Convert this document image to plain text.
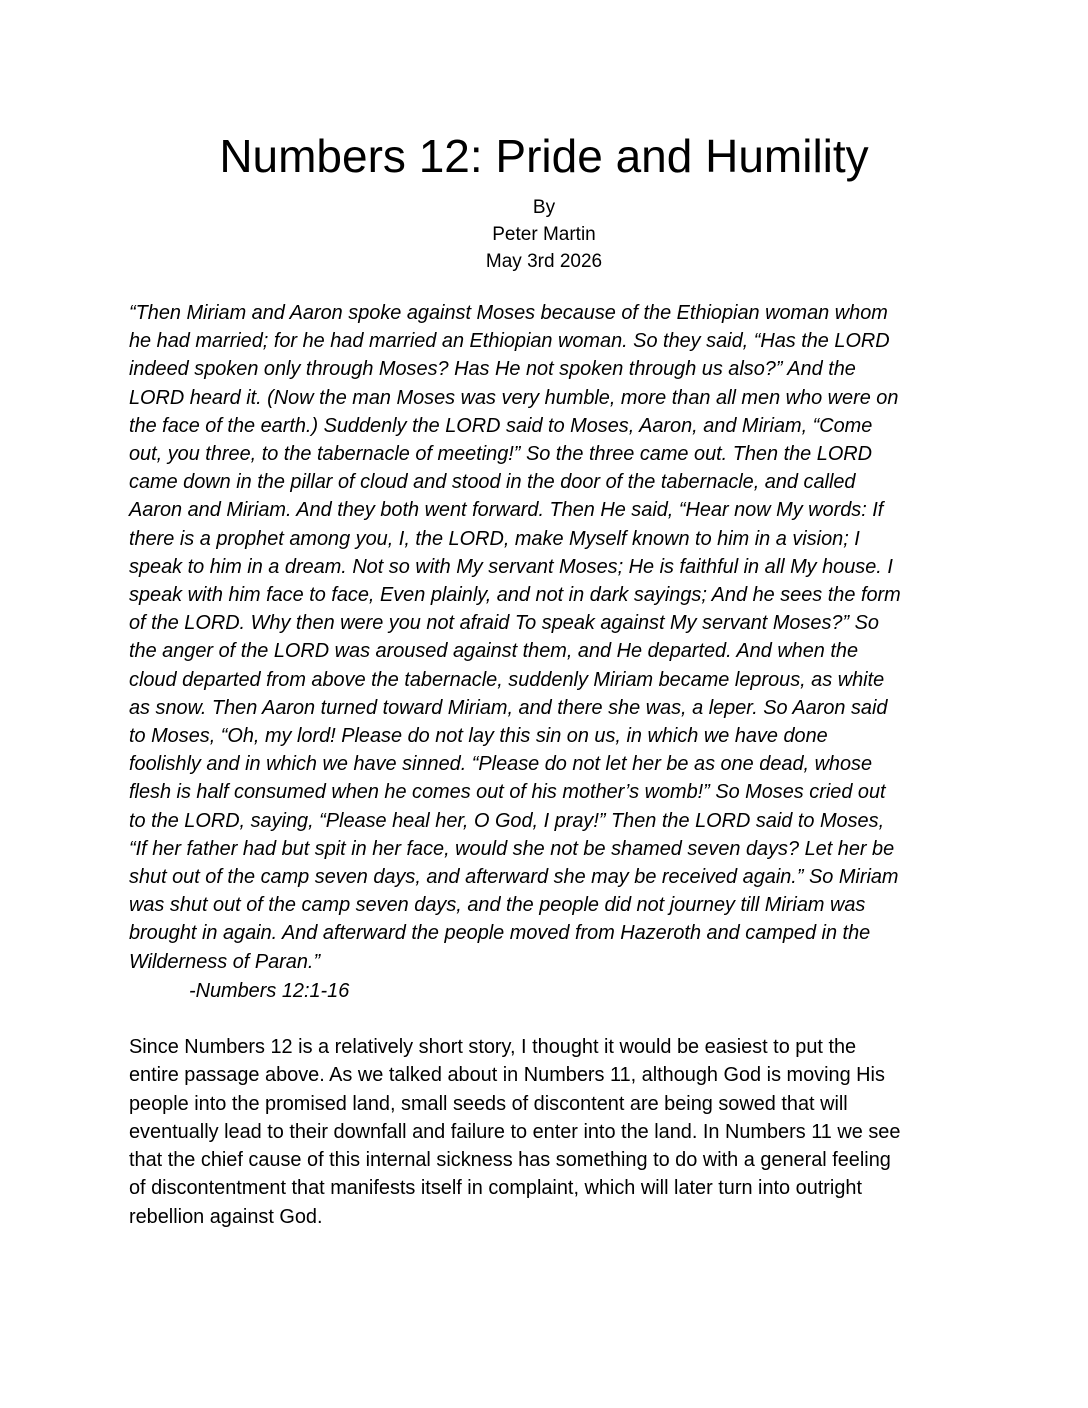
Numbers 12: Pride and Humility
By
Peter Martin
May 3rd 2026

“Then Miriam and Aaron spoke against Moses because of the Ethiopian woman whom
he had married; for he had married an Ethiopian woman. So they said, “Has the LORD
indeed spoken only through Moses? Has He not spoken through us also?” And the
LORD heard it. (Now the man Moses was very humble, more than all men who were on
the face of the earth.) Suddenly the LORD said to Moses, Aaron, and Miriam, “Come
out, you three, to the tabernacle of meeting!” So the three came out. Then the LORD
came down in the pillar of cloud and stood in the door of the tabernacle, and called
Aaron and Miriam. And they both went forward. Then He said, “Hear now My words: If
there is a prophet among you, I, the LORD, make Myself known to him in a vision; I
speak to him in a dream. Not so with My servant Moses; He is faithful in all My house. I
speak with him face to face, Even plainly, and not in dark sayings; And he sees the form
of the LORD. Why then were you not afraid To speak against My servant Moses?” So
the anger of the LORD was aroused against them, and He departed. And when the
cloud departed from above the tabernacle, suddenly Miriam became leprous, as white
as snow. Then Aaron turned toward Miriam, and there she was, a leper. So Aaron said
to Moses, “Oh, my lord! Please do not lay this sin on us, in which we have done
foolishly and in which we have sinned. “Please do not let her be as one dead, whose
flesh is half consumed when he comes out of his mother’s womb!” So Moses cried out
to the LORD, saying, “Please heal her, O God, I pray!” Then the LORD said to Moses,
“If her father had but spit in her face, would she not be shamed seven days? Let her be
shut out of the camp seven days, and afterward she may be received again.” So Miriam
was shut out of the camp seven days, and the people did not journey till Miriam was
brought in again. And afterward the people moved from Hazeroth and camped in the
Wilderness of Paran.”

-Numbers 12:1-16

Since Numbers 12 is a relatively short story, I thought it would be easiest to put the
entire passage above. As we talked about in Numbers 11, although God is moving His
people into the promised land, small seeds of discontent are being sowed that will
eventually lead to their downfall and failure to enter into the land. In Numbers 11 we see
that the chief cause of this internal sickness has something to do with a general feeling
of discontentment that manifests itself in complaint, which will later turn into outright
rebellion against God.
